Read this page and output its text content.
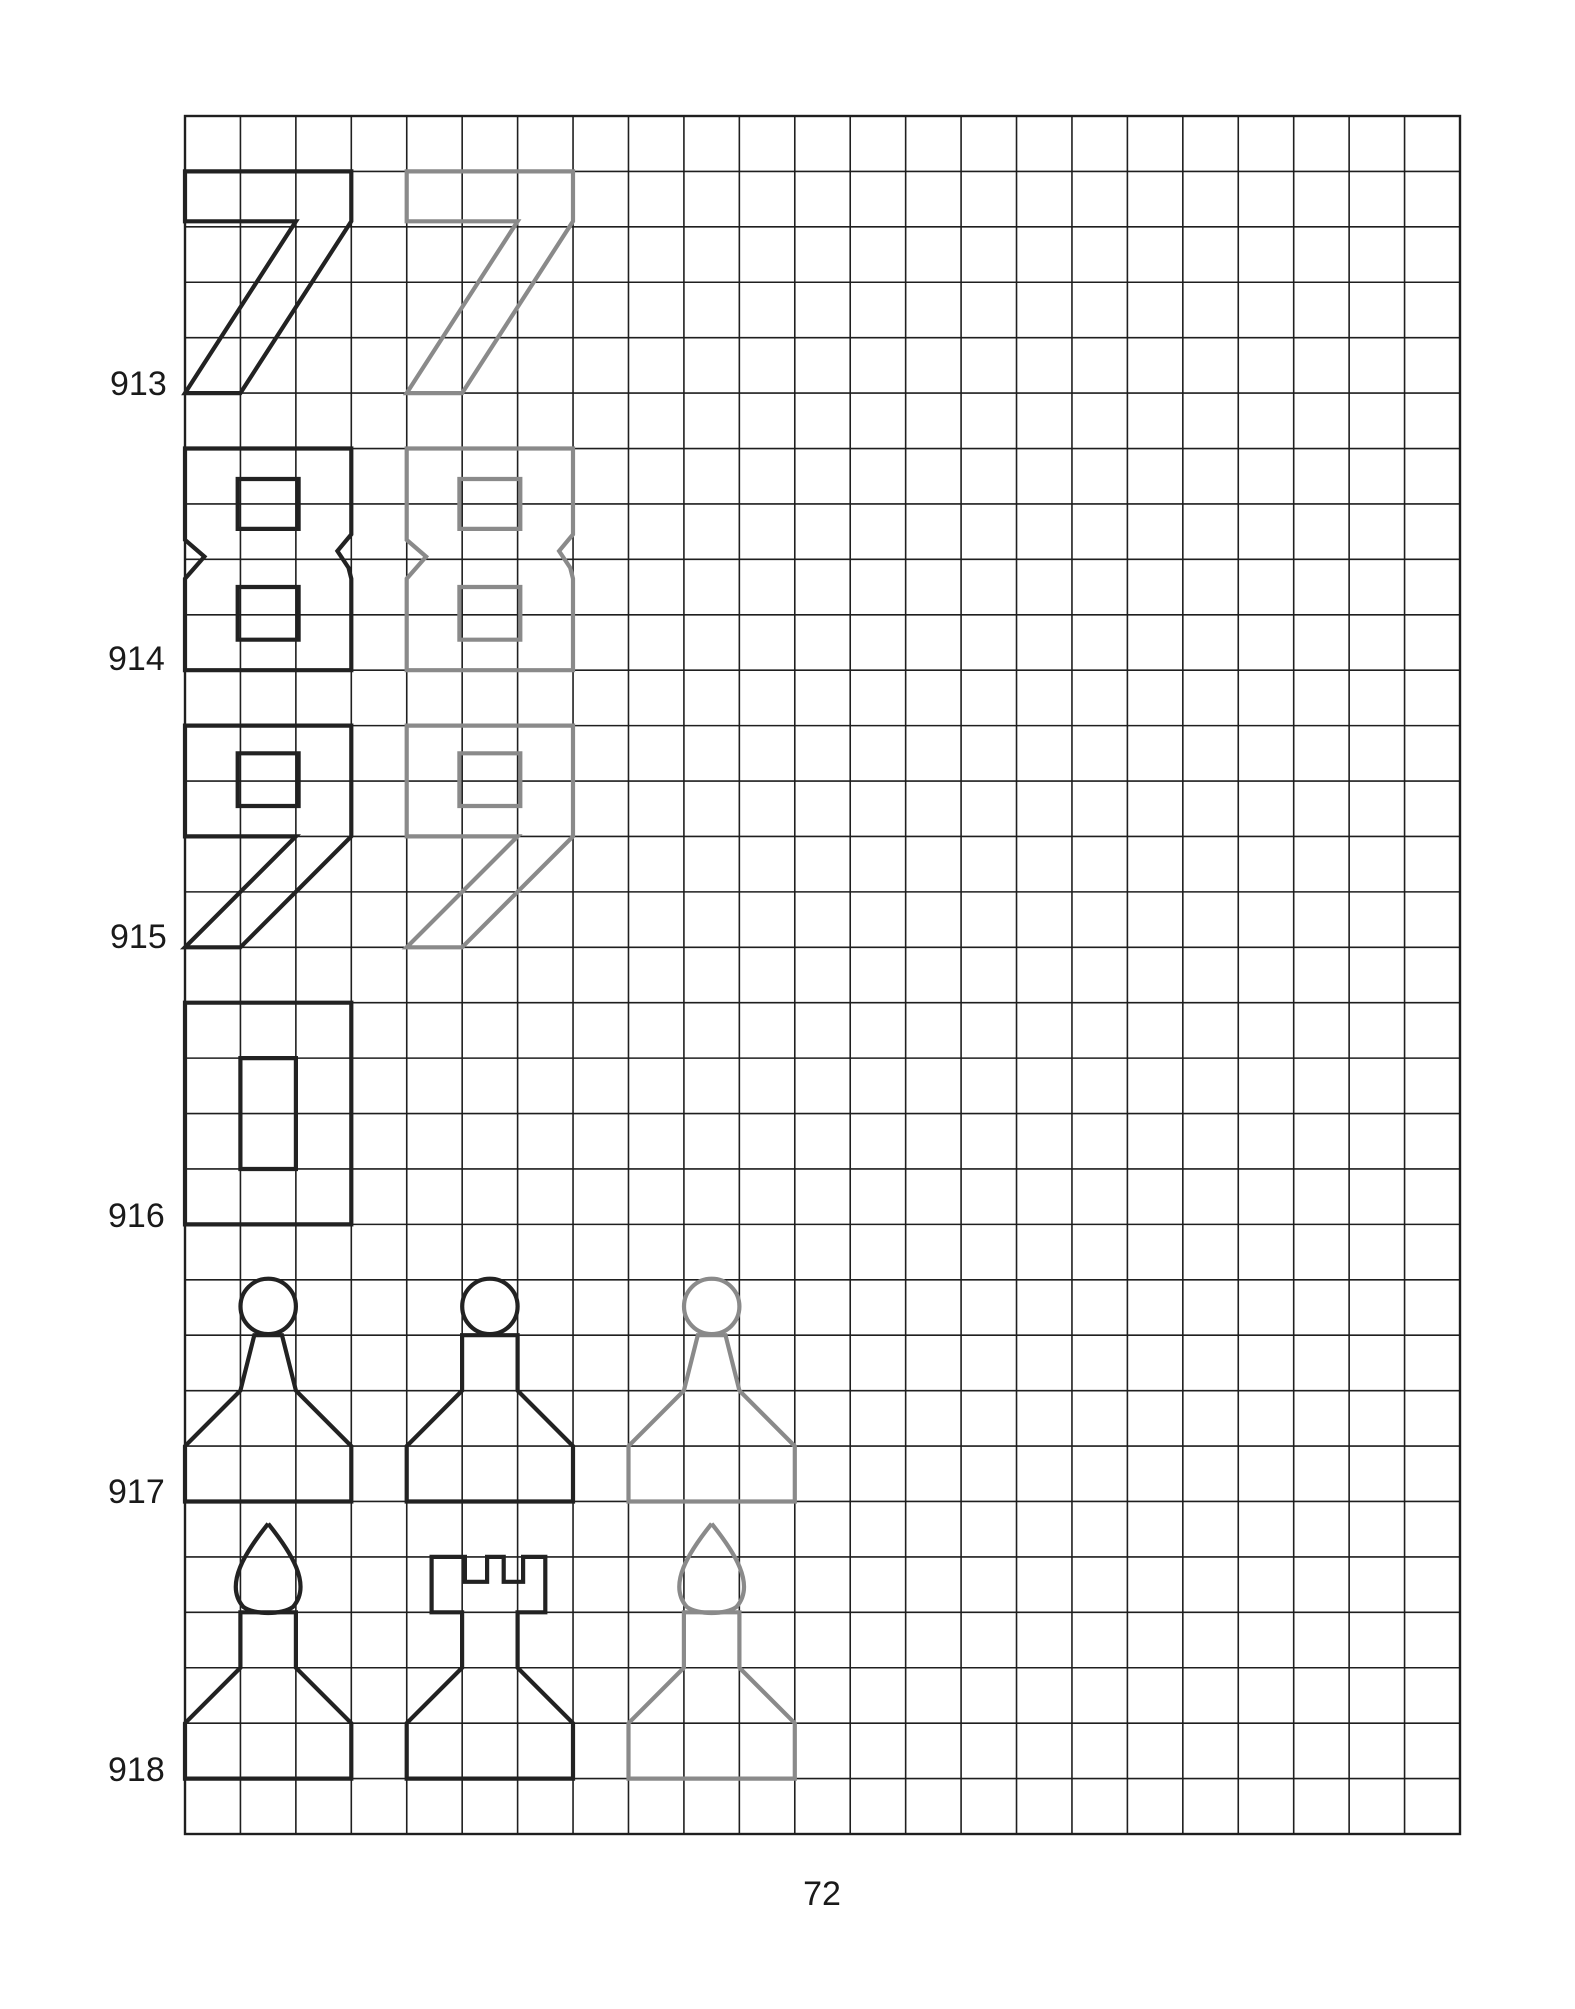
913
914
915
916
917
918
72
